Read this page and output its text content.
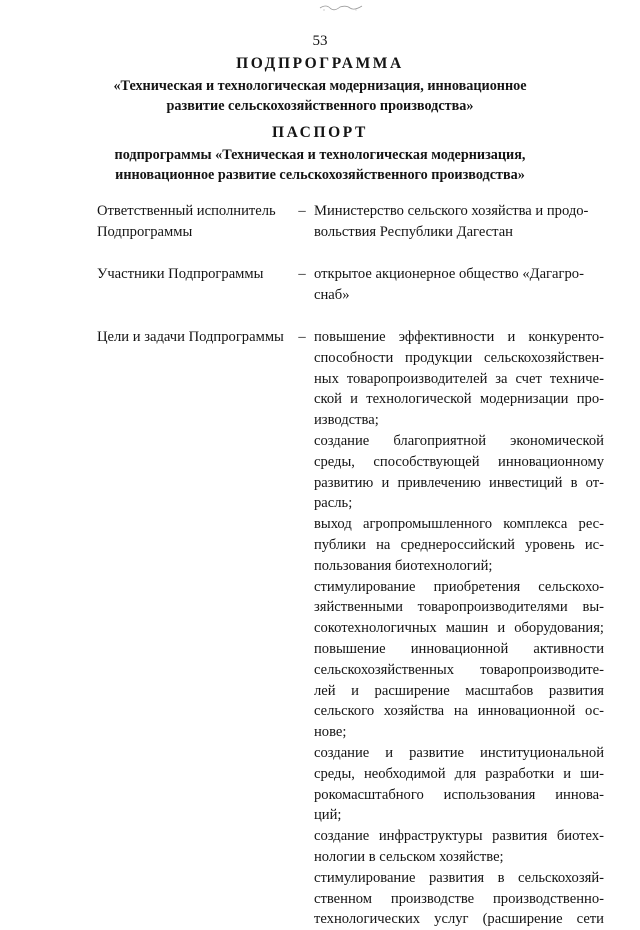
53
ПОДПРОГРАММА
«Техническая и технологическая модернизация, инновационное
развитие сельскохозяйственного производства»
ПАСПОРТ
подпрограммы «Техническая и технологическая модернизация,
инновационное развитие сельскохозяйственного производства»
Ответственный исполнитель
Подпрограммы
– Министерство сельского хозяйства и продо-
вольствия Республики Дагестан
Участники Подпрограммы	– открытое акционерное общество «Дагагро-
снаб»
Цели и задачи Подпрограммы – повышение эффективности и конкуренто-
способности продукции сельскохозяйствен-
ных товаропроизводителей за счет техниче-
ской и технологической модернизации про-
изводства;
создание благоприятной экономической
среды, способствующей инновационному
развитию и привлечению инвестиций в от-
расль;
выход агропромышленного комплекса рес-
публики на среднероссийский уровень ис-
пользования биотехнологий;
стимулирование приобретения сельскохо-
зяйственными товаропроизводителями вы-
сокотехнологичных машин и оборудования;
повышение инновационной активности
сельскохозяйственных товаропроизводите-
лей и расширение масштабов развития
сельского хозяйства на инновационной ос-
нове;
создание и развитие институциональной
среды, необходимой для разработки и ши-
рокомасштабного использования иннова-
ций;
создание инфраструктуры развития биотех-
нологии в сельском хозяйстве;
стимулирование развития в сельскохозяй-
ственном производстве производственно-
технологических услуг (расширение сети
